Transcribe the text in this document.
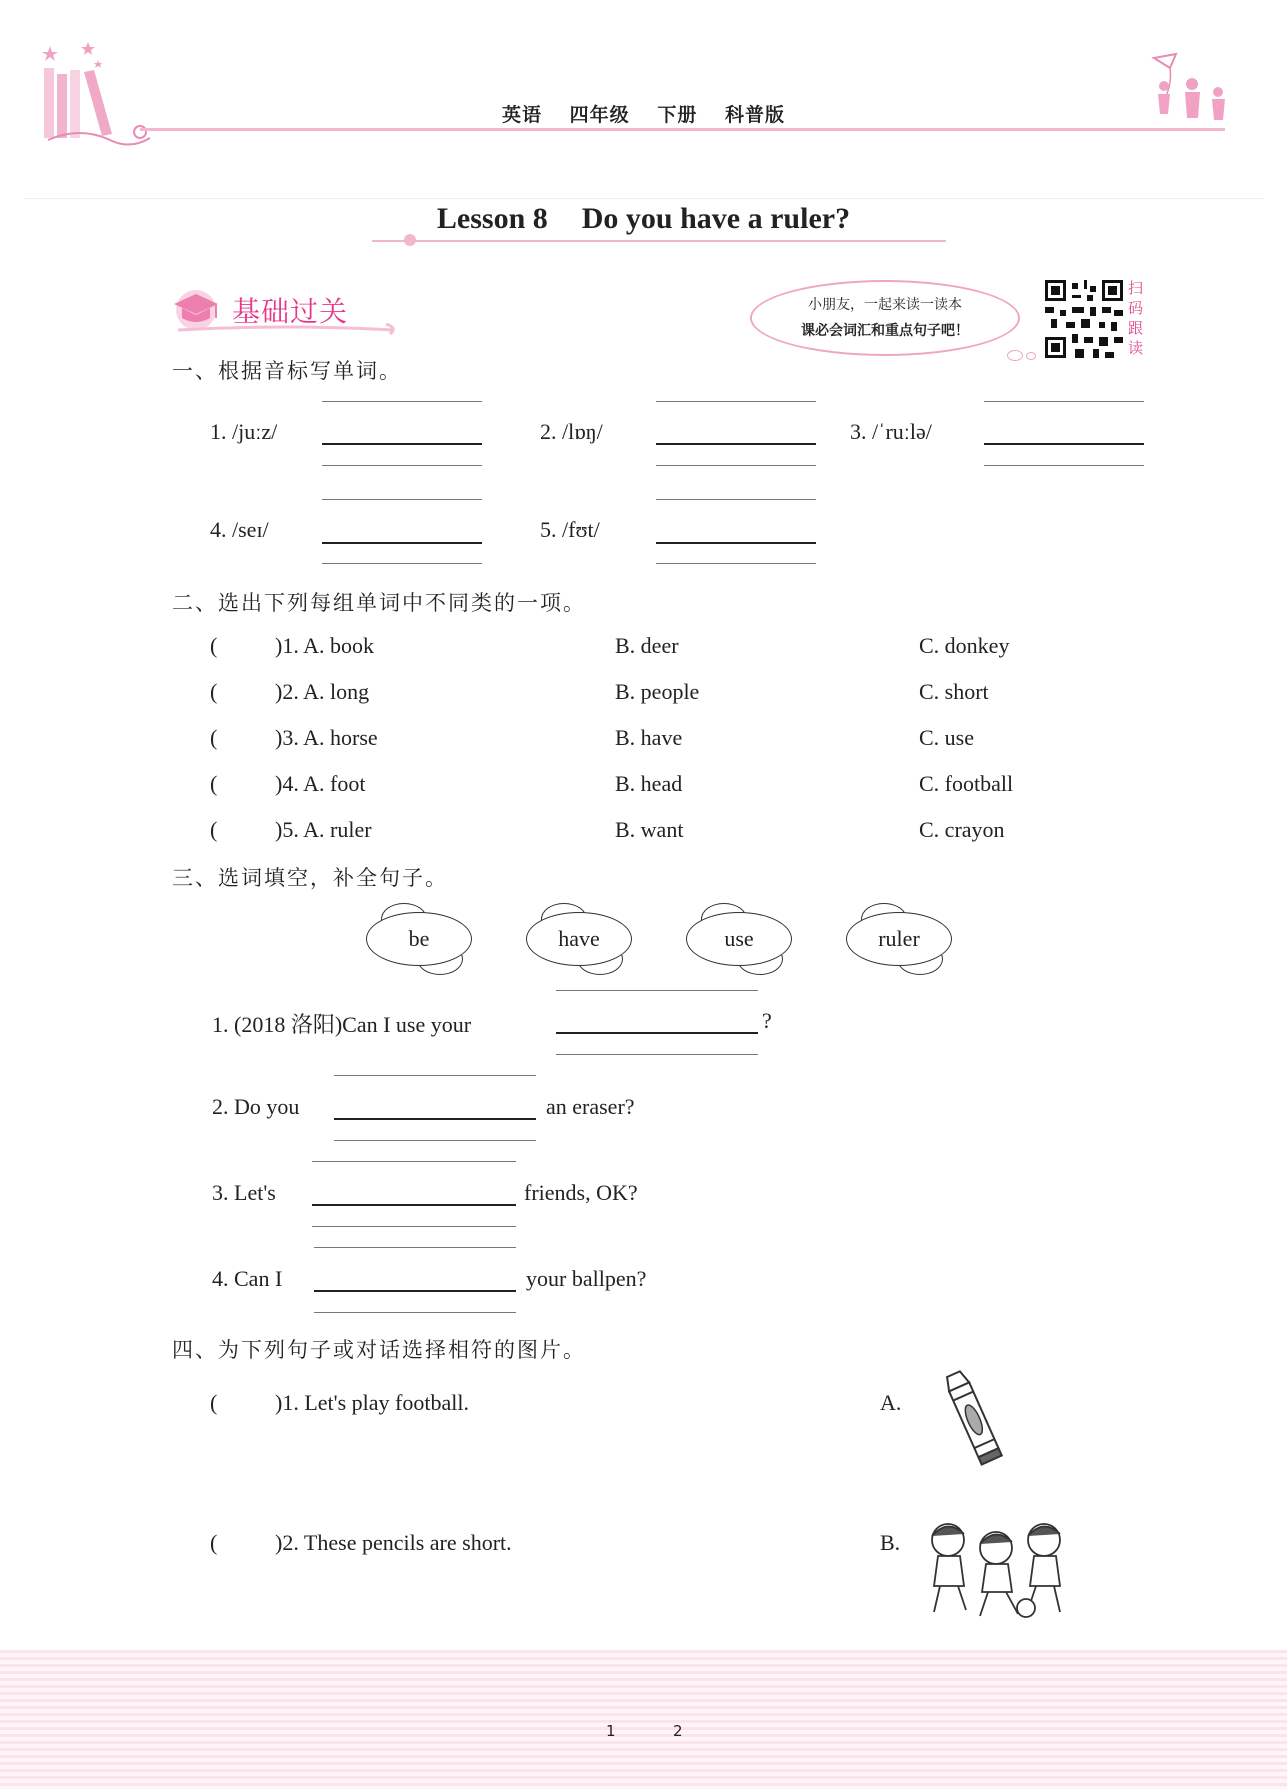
英语 四年级 下册 科普版
Lesson 8 Do you have a ruler?
基础过关	小朋友，一起来读一读本
课必会词汇和重点句子吧！
扫码跟读
一、根据音标写单词。
1. /juːz/	2. /lɒŋ/	3. /ˈruːlə/
4. /seɪ/	5. /fʊt/
二、选出下列每组单词中不同类的一项。
(	)1. A. book	B. deer	C. donkey
(	)2. A. long	B. people	C. short
(	)3. A. horse	B. have	C. use
(	)4. A. foot	B. head	C. football
(	)5. A. ruler	B. want	C. crayon
三、选词填空，补全句子。
be	have	use	ruler
1. (2018 洛阳)Can I use your	?
2. Do you	an eraser?
3. Let's	friends, OK?
4. Can I	your ballpen?
四、为下列句子或对话选择相符的图片。
(	)1. Let's play football.	A.
(	)2. These pencils are short.	B.
1	2
